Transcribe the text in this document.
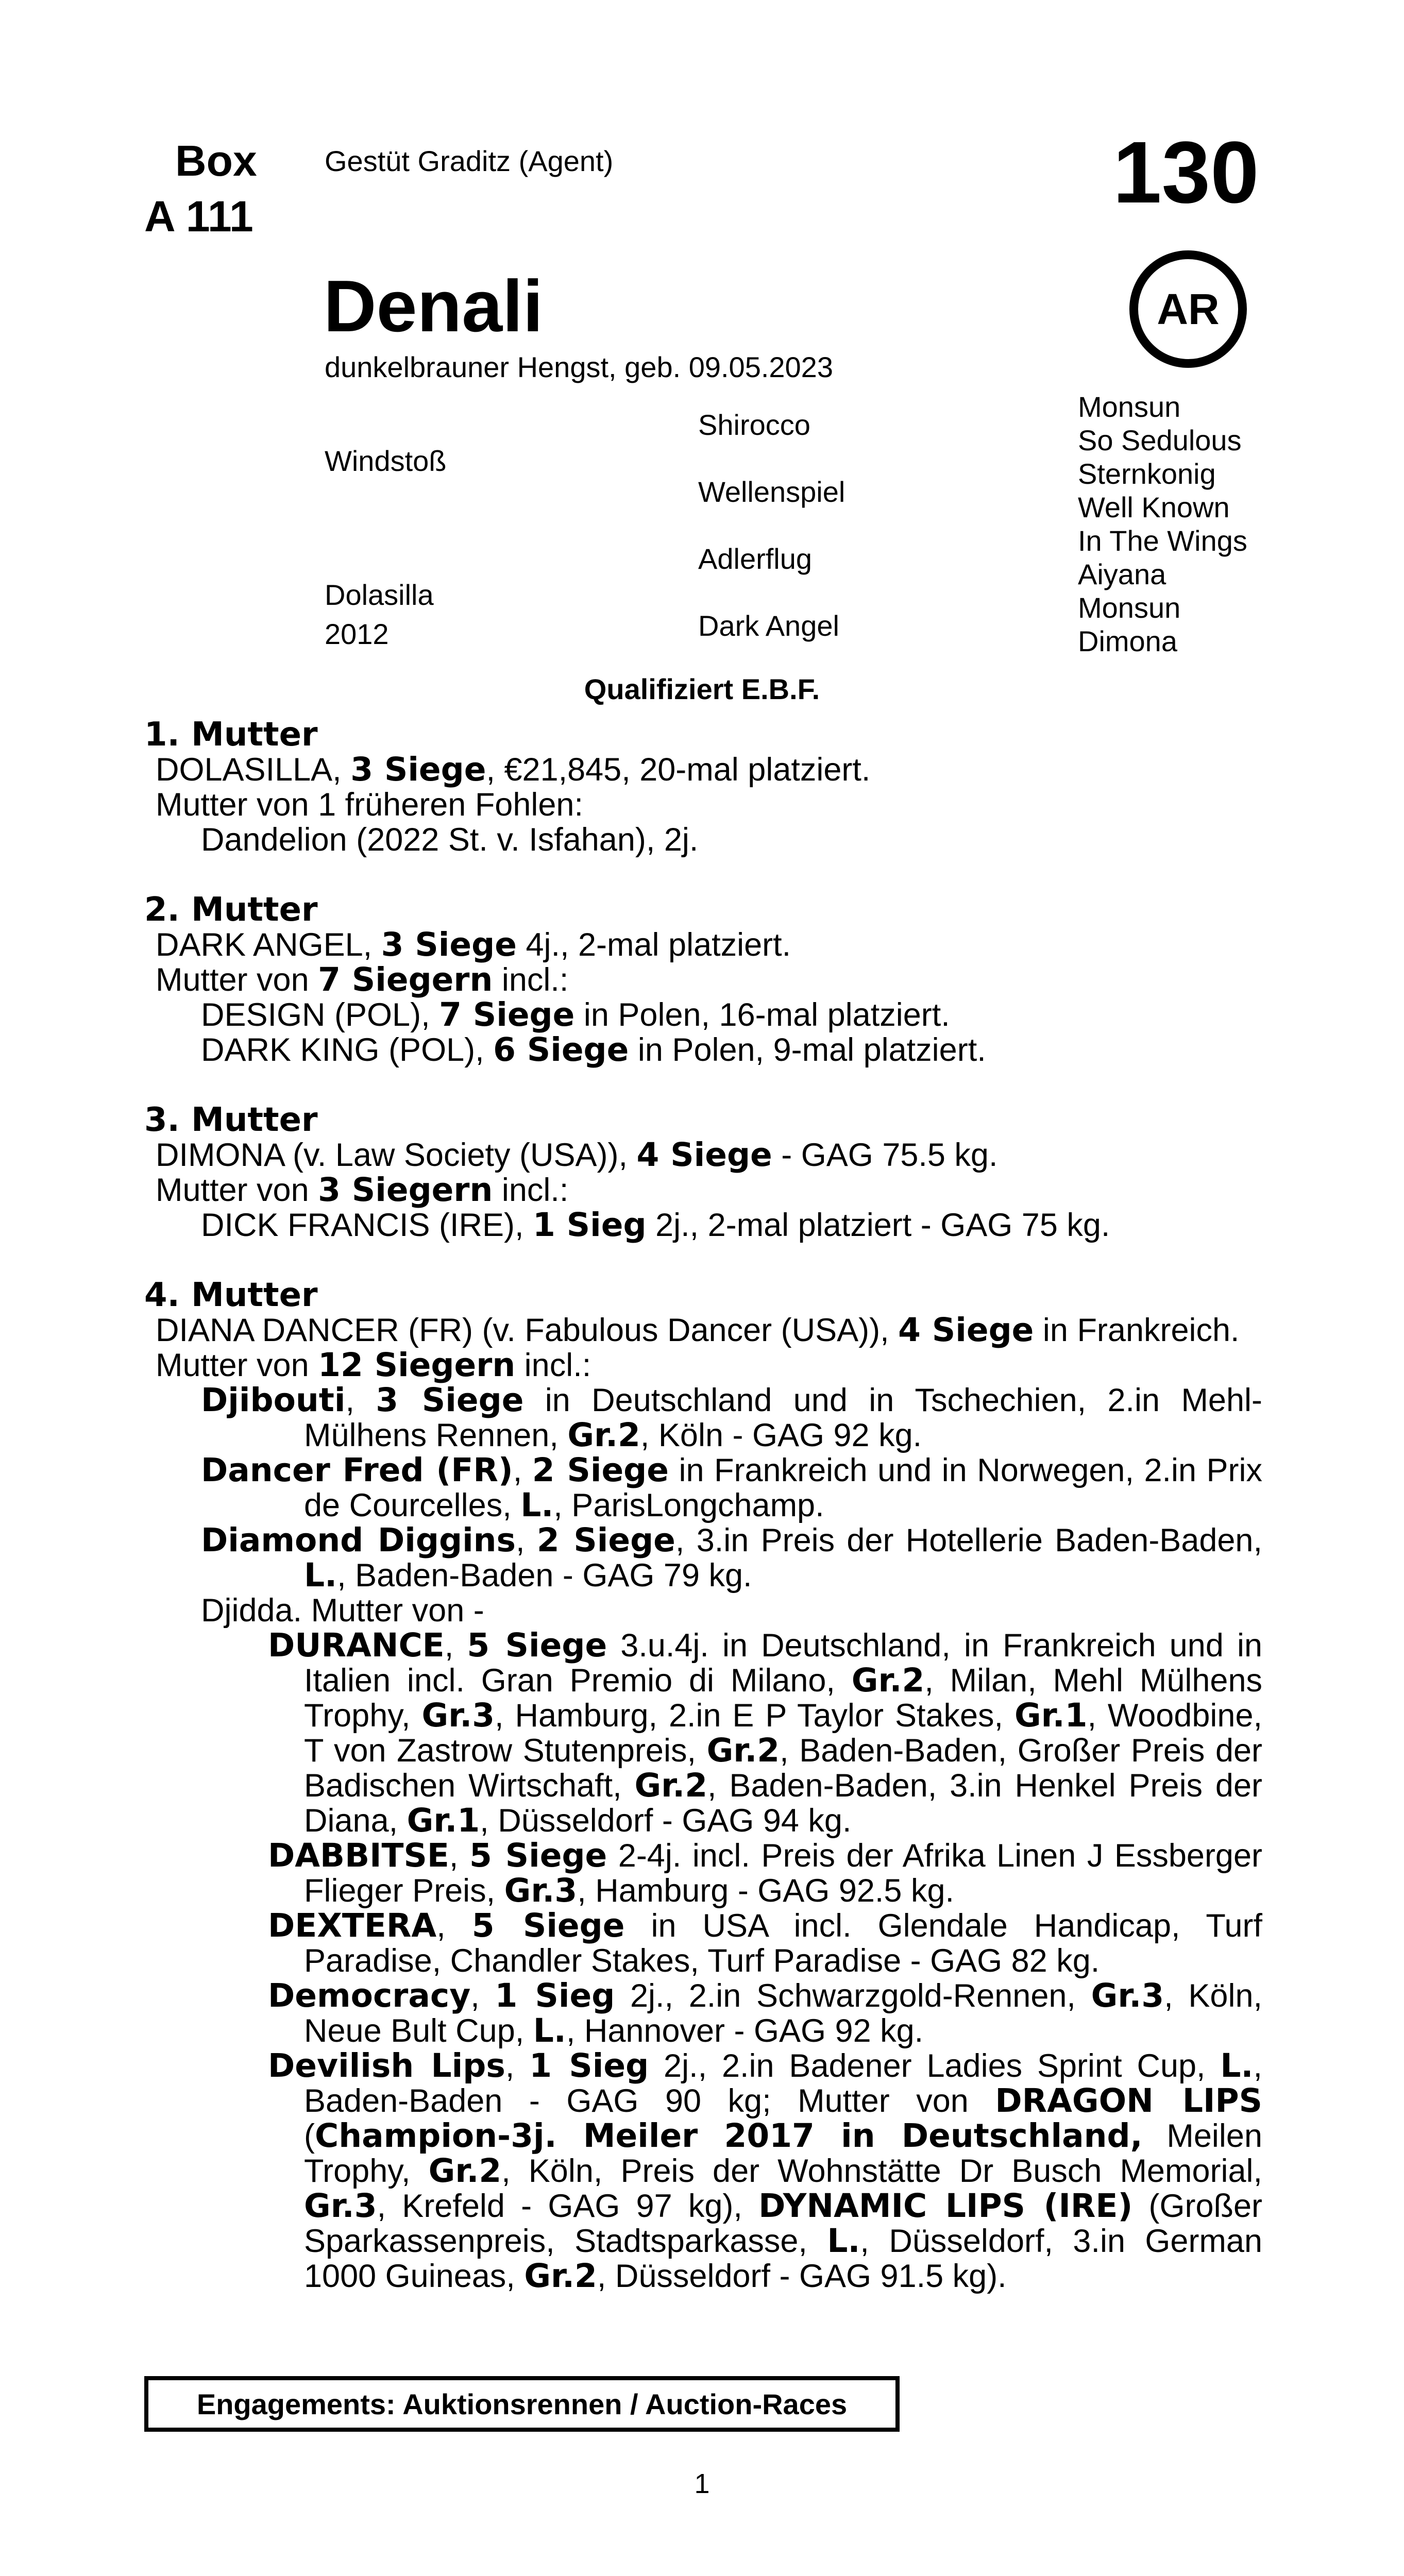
Box
A 111
Gestüt Graditz (Agent)	130
AR
Denali
dunkelbrauner Hengst, geb. 09.05.2023
Windstoß
Dolasilla
2012
Shirocco
Wellenspiel
Adlerflug
Dark Angel
Monsun
So Sedulous
Sternkonig
Well Known
In The Wings
Aiyana
Monsun
Dimona
Qualifiziert E.B.F.
1. Mutter
DOLASILLA, 3 Siege, €21,845, 20-mal platziert.
Mutter von 1 früheren Fohlen:
Dandelion (2022 St. v. Isfahan), 2j.
2. Mutter
DARK ANGEL, 3 Siege 4j., 2-mal platziert.
Mutter von 7 Siegern incl.:
DESIGN (POL), 7 Siege in Polen, 16-mal platziert.
DARK KING (POL), 6 Siege in Polen, 9-mal platziert.
3. Mutter
DIMONA (v. Law Society (USA)), 4 Siege - GAG 75.5 kg.
Mutter von 3 Siegern incl.:
DICK FRANCIS (IRE), 1 Sieg 2j., 2-mal platziert - GAG 75 kg.
4. Mutter
DIANA DANCER (FR) (v. Fabulous Dancer (USA)), 4 Siege in Frankreich.
Mutter von 12 Siegern incl.:
Djibouti, 3 Siege in Deutschland und in Tschechien, 2.in Mehl-Mülhens Rennen, Gr.2, Köln - GAG 92 kg.
Dancer Fred (FR), 2 Siege in Frankreich und in Norwegen, 2.in Prix de Courcelles, L., ParisLongchamp.
Diamond Diggins, 2 Siege, 3.in Preis der Hotellerie Baden-Baden, L., Baden-Baden - GAG 79 kg.
Djidda. Mutter von -
DURANCE, 5 Siege 3.u.4j. in Deutschland, in Frankreich und in Italien incl. Gran Premio di Milano, Gr.2, Milan, Mehl Mülhens Trophy, Gr.3, Hamburg, 2.in E P Taylor Stakes, Gr.1, Woodbine, T von Zastrow Stutenpreis, Gr.2, Baden-Baden, Großer Preis der Badischen Wirtschaft, Gr.2, Baden-Baden, 3.in Henkel Preis der Diana, Gr.1, Düsseldorf - GAG 94 kg.
DABBITSE, 5 Siege 2-4j. incl. Preis der Afrika Linen J Essberger Flieger Preis, Gr.3, Hamburg - GAG 92.5 kg.
DEXTERA, 5 Siege in USA incl. Glendale Handicap, Turf Paradise, Chandler Stakes, Turf Paradise - GAG 82 kg.
Democracy, 1 Sieg 2j., 2.in Schwarzgold-Rennen, Gr.3, Köln, Neue Bult Cup, L., Hannover - GAG 92 kg.
Devilish Lips, 1 Sieg 2j., 2.in Badener Ladies Sprint Cup, L., Baden-Baden - GAG 90 kg; Mutter von DRAGON LIPS (Champion-3j. Meiler 2017 in Deutschland, Meilen Trophy, Gr.2, Köln, Preis der Wohnstätte Dr Busch Memorial, Gr.3, Krefeld - GAG 97 kg), DYNAMIC LIPS (IRE) (Großer Sparkassenpreis, Stadtsparkasse, L., Düsseldorf, 3.in German 1000 Guineas, Gr.2, Düsseldorf - GAG 91.5 kg).
Engagements: Auktionsrennen / Auction-Races
1
